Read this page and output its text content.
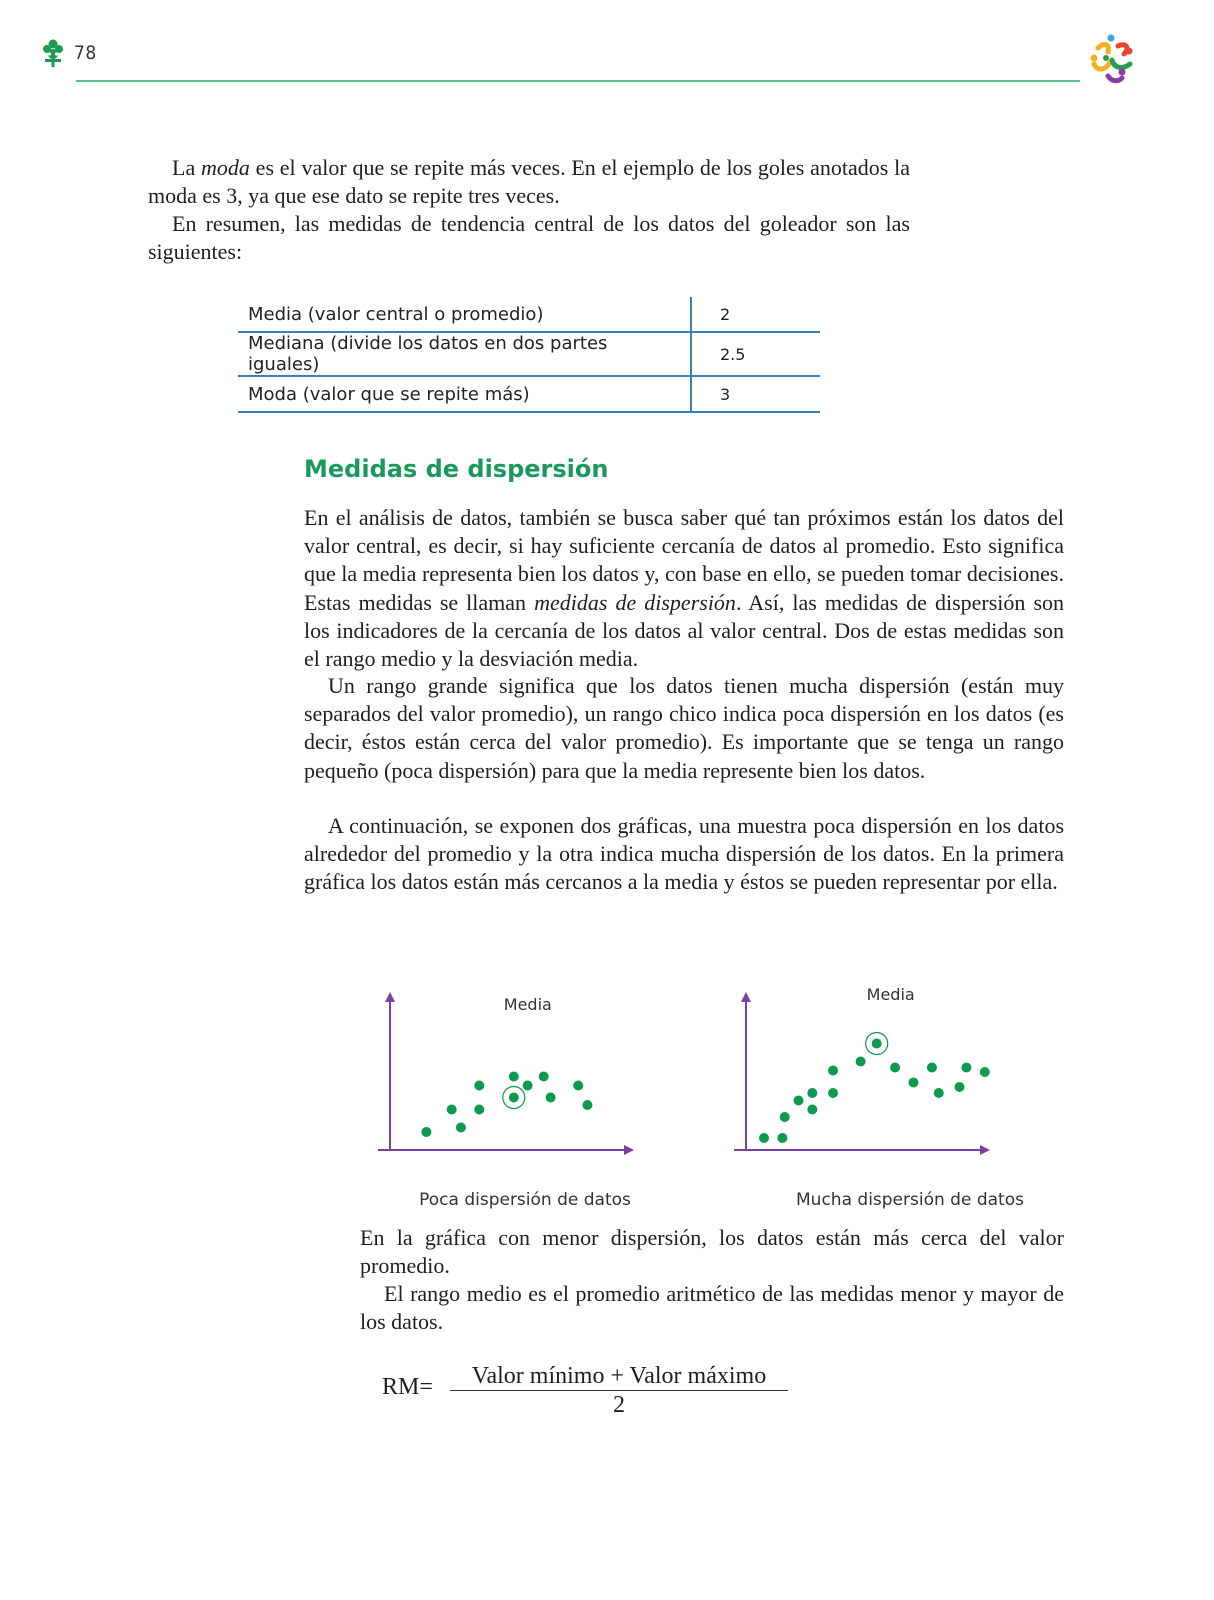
78

La moda es el valor que se repite más veces. En el ejemplo de los goles anotados la moda es 3, ya que ese dato se repite tres veces.

En resumen, las medidas de tendencia central de los datos del goleador son las siguientes:

Media (valor central o promedio)	2
Mediana (divide los datos en dos partes iguales)	2.5
Moda (valor que se repite más)	3
Medidas de dispersión

En el análisis de datos, también se busca saber qué tan próximos están los datos del valor central, es decir, si hay suficiente cercanía de datos al promedio. Esto significa que la media representa bien los datos y, con base en ello, se pueden tomar decisiones. Estas medidas se llaman medidas de dispersión. Así, las medidas de dispersión son los indicadores de la cercanía de los datos al valor central. Dos de estas medidas son el rango medio y la desviación media.

Un rango grande significa que los datos tienen mucha dispersión (están muy separados del valor promedio), un rango chico indica poca dispersión en los datos (es decir, éstos están cerca del valor promedio). Es importante que se tenga un rango pequeño (poca dispersión) para que la media represente bien los datos.

A continuación, se exponen dos gráficas, una muestra poca dispersión en los datos alrededor del promedio y la otra indica mucha dispersión de los datos. En la primera gráfica los datos están más cercanos a la media y éstos se pueden representar por ella.

Media
Poca dispersión de datos
Media
Mucha dispersión de datos

En la gráfica con menor dispersión, los datos están más cerca del valor promedio.

El rango medio es el promedio aritmético de las medidas menor y mayor de los datos.

RM=	Valor mínimo + Valor máximo
2
